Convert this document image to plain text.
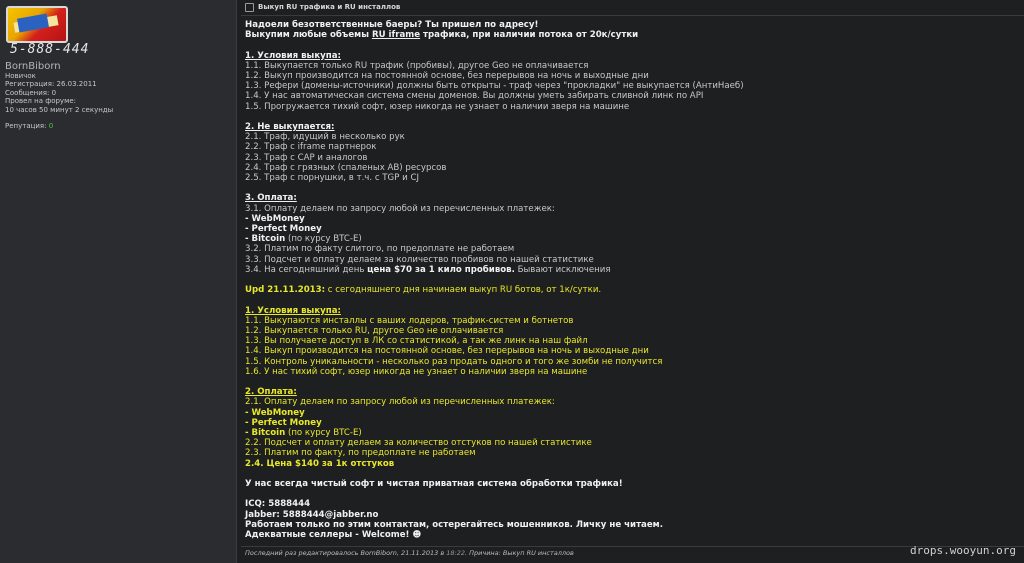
5-888-444
BornBiborn
Новичок
Регистрация: 26.03.2011
Сообщения: 0
Провел на форуме:
10 часов 50 минут 2 секунды
Репутация: 0
Выкуп RU трафика и RU инсталлов
Надоели безответственные баеры? Ты пришел по адресу!
Выкупим любые объемы RU iframe трафика, при наличии потока от 20к/сутки
1. Условия выкупа:
1.1. Выкупается только RU трафик (пробивы), другое Geo не оплачивается
1.2. Выкуп производится на постоянной основе, без перерывов на ночь и выходные дни
1.3. Рефери (домены-источники) должны быть открыты - траф через "прокладки" не выкупается (АнтиНаеб)
1.4. У нас автоматическая система смены доменов. Вы должны уметь забирать сливной линк по API
1.5. Прогружается тихий софт, юзер никогда не узнает о наличии зверя на машине
2. Не выкупается:
2.1. Траф, идущий в несколько рук
2.2. Траф с iframe партнерок
2.3. Траф с CAP и аналогов
2.4. Траф с грязных (спаленых АВ) ресурсов
2.5. Траф с порнушки, в т.ч. с TGP и CJ
3. Оплата:
3.1. Оплату делаем по запросу любой из перечисленных платежек:
- WebMoney
- Perfect Money
- Bitcoin (по курсу BTC-E)
3.2. Платим по факту слитого, по предоплате не работаем
3.3. Подсчет и оплату делаем за количество пробивов по нашей статистике
3.4. На сегодняшний день цена $70 за 1 кило пробивов. Бывают исключения
Upd 21.11.2013: с сегодняшнего дня начинаем выкуп RU ботов, от 1к/сутки.
1. Условия выкупа:
1.1. Выкупаются инсталлы с ваших лодеров, трафик-систем и ботнетов
1.2. Выкупается только RU, другое Geo не оплачивается
1.3. Вы получаете доступ в ЛК со статистикой, а так же линк на наш файл
1.4. Выкуп производится на постоянной основе, без перерывов на ночь и выходные дни
1.5. Контроль уникальности - несколько раз продать одного и того же зомби не получится
1.6. У нас тихий софт, юзер никогда не узнает о наличии зверя на машине
2. Оплата:
2.1. Оплату делаем по запросу любой из перечисленных платежек:
- WebMoney
- Perfect Money
- Bitcoin (по курсу BTC-E)
2.2. Подсчет и оплату делаем за количество отстуков по нашей статистике
2.3. Платим по факту, по предоплате не работаем
2.4. Цена $140 за 1к отстуков
У нас всегда чистый софт и чистая приватная система обработки трафика!
ICQ: 5888444
Jabber: 5888444@jabber.no
Работаем только по этим контактам, остерегайтесь мошенников. Личку не читаем.
Адекватные селлеры - Welcome! ☻
Последний раз редактировалось BornBiborn, 21.11.2013 в 18:22. Причина: Выкуп RU инсталлов	drops.wooyun.org
